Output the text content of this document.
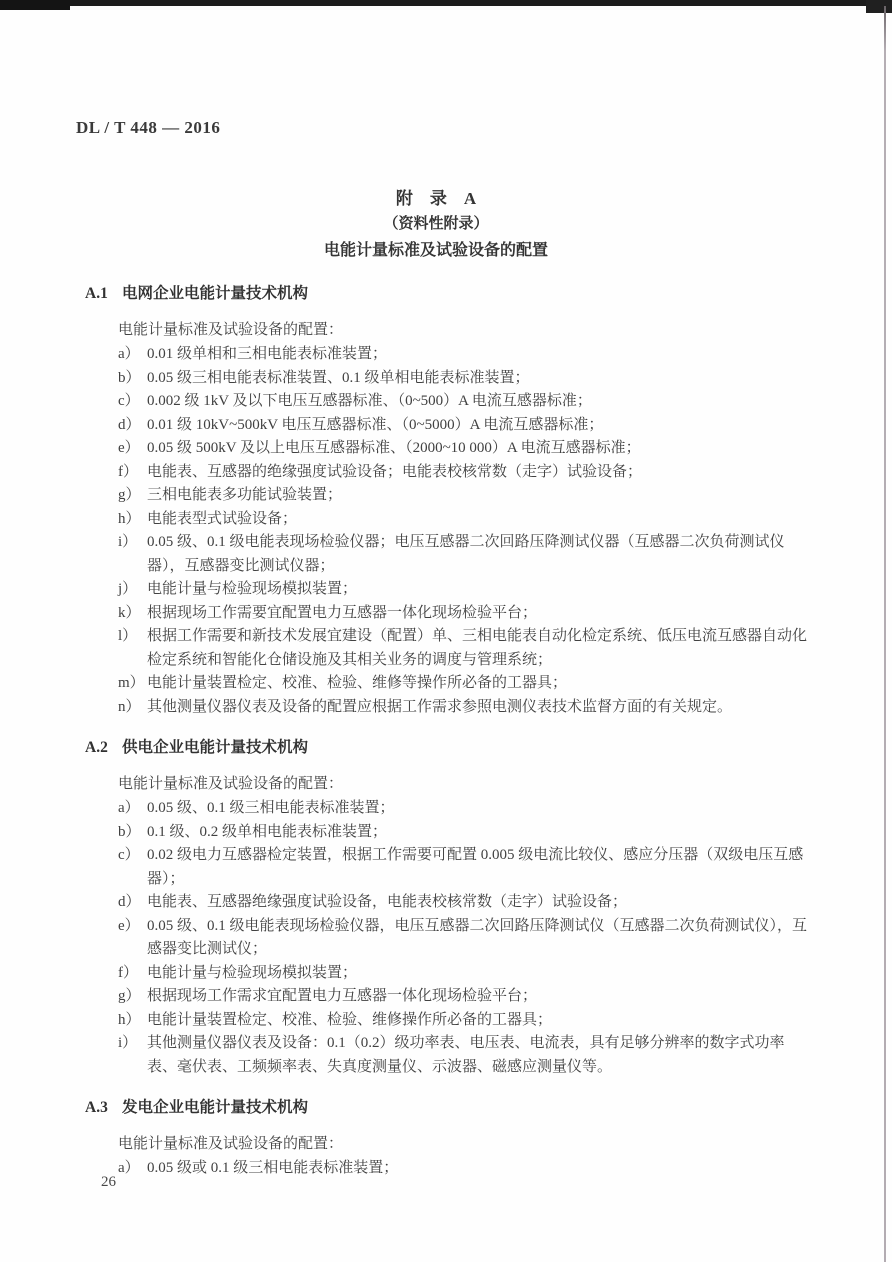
DL / T 448 — 2016
附　录　A
（资料性附录）
电能计量标准及试验设备的配置
A.1 电网企业电能计量技术机构
电能计量标准及试验设备的配置：
a） 0.01 级单相和三相电能表标准装置；
b） 0.05 级三相电能表标准装置、0.1 级单相电能表标准装置；
c） 0.002 级 1kV 及以下电压互感器标准、（0~500）A 电流互感器标准；
d） 0.01 级 10kV~500kV 电压互感器标准、（0~5000）A 电流互感器标准；
e） 0.05 级 500kV 及以上电压互感器标准、（2000~10 000）A 电流互感器标准；
f） 电能表、互感器的绝缘强度试验设备；电能表校核常数（走字）试验设备；
g） 三相电能表多功能试验装置；
h） 电能表型式试验设备；
i） 0.05 级、0.1 级电能表现场检验仪器；电压互感器二次回路压降测试仪器（互感器二次负荷测试仪器），互感器变比测试仪器；
j） 电能计量与检验现场模拟装置；
k） 根据现场工作需要宜配置电力互感器一体化现场检验平台；
l） 根据工作需要和新技术发展宜建设（配置）单、三相电能表自动化检定系统、低压电流互感器自动化检定系统和智能化仓储设施及其相关业务的调度与管理系统；
m） 电能计量装置检定、校准、检验、维修等操作所必备的工器具；
n） 其他测量仪器仪表及设备的配置应根据工作需求参照电测仪表技术监督方面的有关规定。
A.2 供电企业电能计量技术机构
电能计量标准及试验设备的配置：
a） 0.05 级、0.1 级三相电能表标准装置；
b） 0.1 级、0.2 级单相电能表标准装置；
c） 0.02 级电力互感器检定装置，根据工作需要可配置 0.005 级电流比较仪、感应分压器（双级电压互感器）；
d） 电能表、互感器绝缘强度试验设备，电能表校核常数（走字）试验设备；
e） 0.05 级、0.1 级电能表现场检验仪器，电压互感器二次回路压降测试仪（互感器二次负荷测试仪），互感器变比测试仪；
f） 电能计量与检验现场模拟装置；
g） 根据现场工作需求宜配置电力互感器一体化现场检验平台；
h） 电能计量装置检定、校准、检验、维修操作所必备的工器具；
i） 其他测量仪器仪表及设备：0.1（0.2）级功率表、电压表、电流表，具有足够分辨率的数字式功率表、毫伏表、工频频率表、失真度测量仪、示波器、磁感应测量仪等。
A.3 发电企业电能计量技术机构
电能计量标准及试验设备的配置：
a） 0.05 级或 0.1 级三相电能表标准装置；
26
